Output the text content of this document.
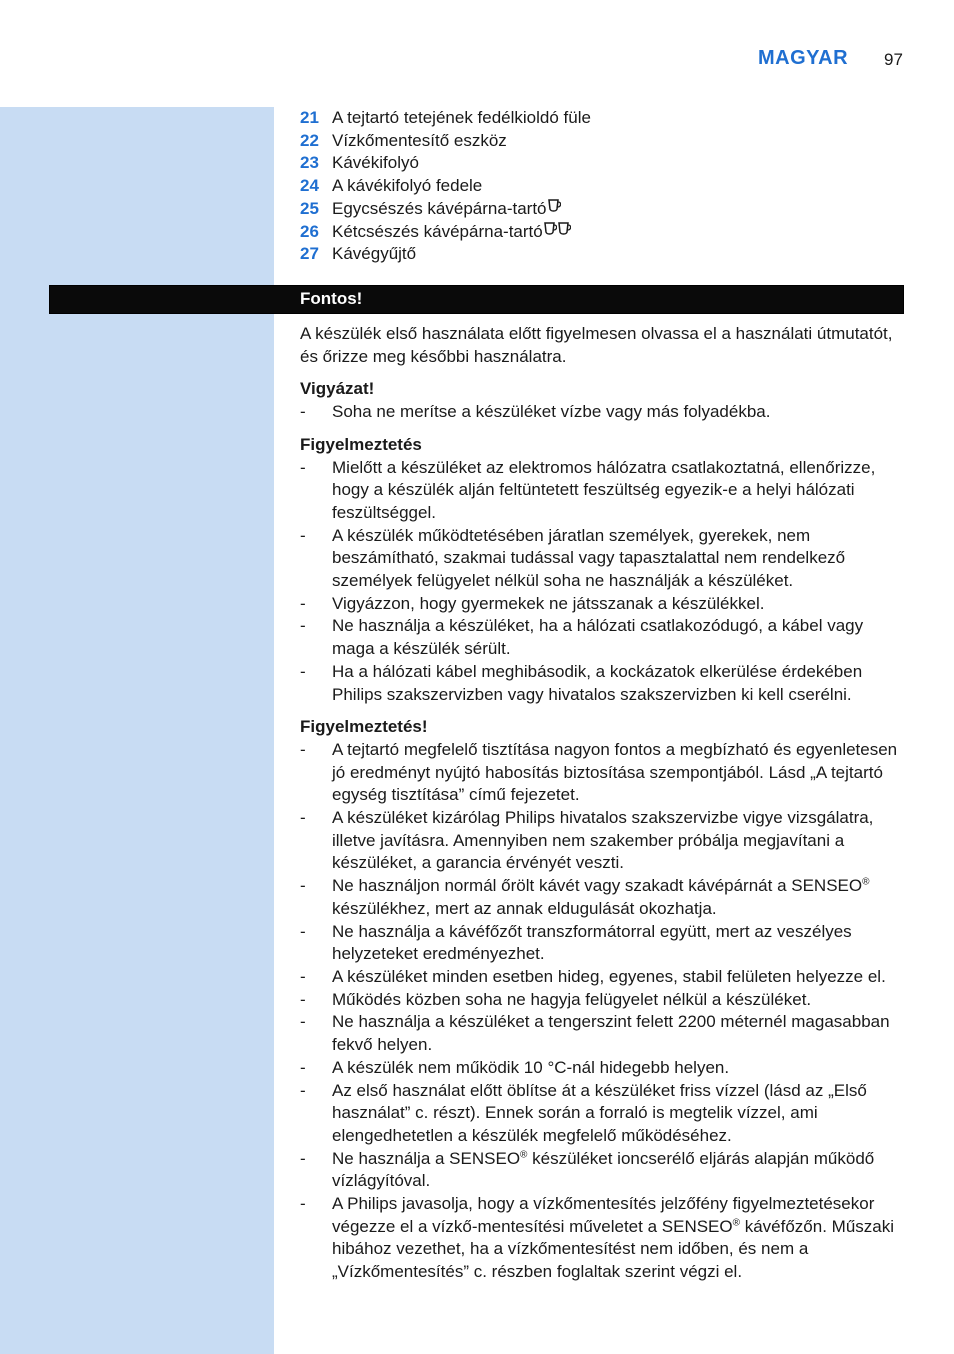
MAGYAR 97
21 A tejtartó tetejének fedélkioldó füle
22 Vízkőmentesítő eszköz
23 Kávékifolyó
24 A kávékifolyó fedele
25 Egycsészés kávépárna-tartó
26 Kétcsészés kávépárna-tartó
27 Kávégyűjtő
Fontos!

A készülék első használata előtt figyelmesen olvassa el a használati útmutatót, és őrizze meg későbbi használatra.

Vigyázat!
- Soha ne merítse a készüléket vízbe vagy más folyadékba.
Figyelmeztetés
- Mielőtt a készüléket az elektromos hálózatra csatlakoztatná, ellenőrizze, hogy a készülék alján feltüntetett feszültség egyezik-e a helyi hálózati feszültséggel.
- A készülék működtetésében járatlan személyek, gyerekek, nem beszámítható, szakmai tudással vagy tapasztalattal nem rendelkező személyek felügyelet nélkül soha ne használják a készüléket.
- Vigyázzon, hogy gyermekek ne játsszanak a készülékkel.
- Ne használja a készüléket, ha a hálózati csatlakozódugó, a kábel vagy maga a készülék sérült.
- Ha a hálózati kábel meghibásodik, a kockázatok elkerülése érdekében Philips szakszervizben vagy hivatalos szakszervizben ki kell cserélni.
Figyelmeztetés!
- A tejtartó megfelelő tisztítása nagyon fontos a megbízható és egyenletesen jó eredményt nyújtó habosítás biztosítása szempontjából. Lásd „A tejtartó egység tisztítása” című fejezetet.
- A készüléket kizárólag Philips hivatalos szakszervizbe vigye vizsgálatra, illetve javításra. Amennyiben nem szakember próbálja megjavítani a készüléket, a garancia érvényét veszti.
- Ne használjon normál őrölt kávét vagy szakadt kávépárnát a SENSEO® készülékhez, mert az annak eldugulását okozhatja.
- Ne használja a kávéfőzőt transzformátorral együtt, mert az veszélyes helyzeteket eredményezhet.
- A készüléket minden esetben hideg, egyenes, stabil felületen helyezze el.
- Működés közben soha ne hagyja felügyelet nélkül a készüléket.
- Ne használja a készüléket a tengerszint felett 2200 méternél magasabban fekvő helyen.
- A készülék nem működik 10 °C-nál hidegebb helyen.
- Az első használat előtt öblítse át a készüléket friss vízzel (lásd az „Első használat” c. részt). Ennek során a forraló is megtelik vízzel, ami elengedhetetlen a készülék megfelelő működéséhez.
- Ne használja a SENSEO® készüléket ioncserélő eljárás alapján működő vízlágyítóval.
- A Philips javasolja, hogy a vízkőmentesítés jelzőfény figyelmeztetésekor végezze el a vízkő-mentesítési műveletet a SENSEO® kávéfőzőn. Műszaki hibához vezethet, ha a vízkőmentesítést nem időben, és nem a „Vízkőmentesítés” c. részben foglaltak szerint végzi el.
